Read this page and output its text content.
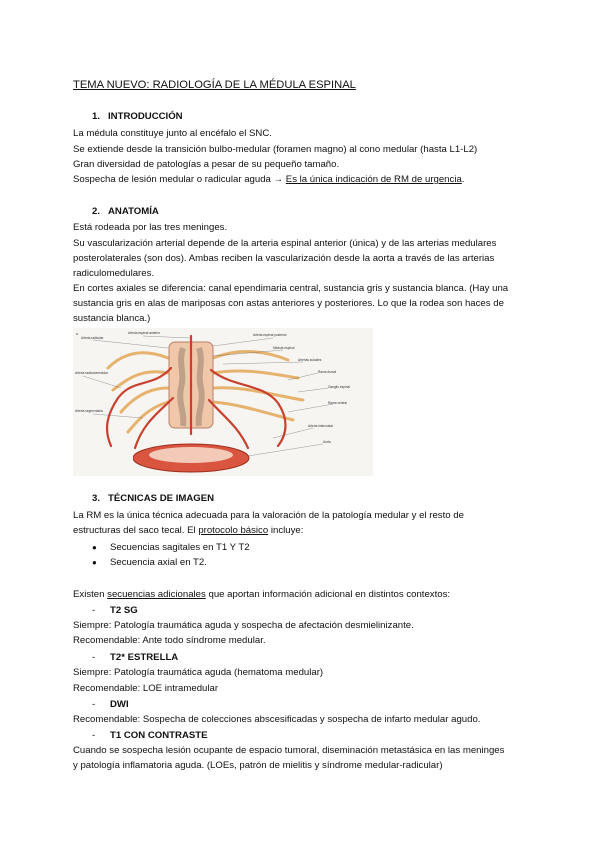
TEMA NUEVO: RADIOLOGÍA DE LA MÉDULA ESPINAL
1. INTRODUCCIÓN
La médula constituye junto al encéfalo el SNC.
Se extiende desde la transición bulbo-medular (foramen magno) al cono medular (hasta L1-L2)
Gran diversidad de patologías a pesar de su pequeño tamaño.
Sospecha de lesión medular o radicular aguda → Es la única indicación de RM de urgencia.
2. ANATOMÍA
Está rodeada por las tres meninges.
Su vascularización arterial depende de la arteria espinal anterior (única) y de las arterias medulares
posterolaterales (son dos). Ambas reciben la vascularización desde la aorta a través de las arterias
radiculomedulares.
En cortes axiales se diferencia: canal ependimaria central, sustancia gris y sustancia blanca. (Hay una
sustancia gris en alas de mariposas con astas anteriores y posteriores. Lo que la rodea son haces de
sustancia blanca.)
a
Arteria radicular
Arteria espinal anterior	Arteria espinal posterior
Médula espinal
Arterias sulcales
Rama dorsal
Ganglio espinal
Rama ventral
Arteria radiculomedular
Arteria segmentaria
Arteria intercostal
Aorta
3. TÉCNICAS DE IMAGEN
La RM es la única técnica adecuada para la valoración de la patología medular y el resto de
estructuras del saco tecal. El protocolo básico incluye:
● Secuencias sagitales en T1 Y T2
● Secuencia axial en T2.
Existen secuencias adicionales que aportan información adicional en distintos contextos:
- T2 SG
Siempre: Patología traumática aguda y sospecha de afectación desmielinizante.
Recomendable: Ante todo síndrome medular.
- T2* ESTRELLA
Siempre: Patología traumática aguda (hematoma medular)
Recomendable: LOE intramedular
- DWI
Recomendable: Sospecha de colecciones abscesificadas y sospecha de infarto medular agudo.
- T1 CON CONTRASTE
Cuando se sospecha lesión ocupante de espacio tumoral, diseminación metastásica en las meninges
y patología inflamatoria aguda. (LOEs, patrón de mielitis y síndrome medular-radicular)
